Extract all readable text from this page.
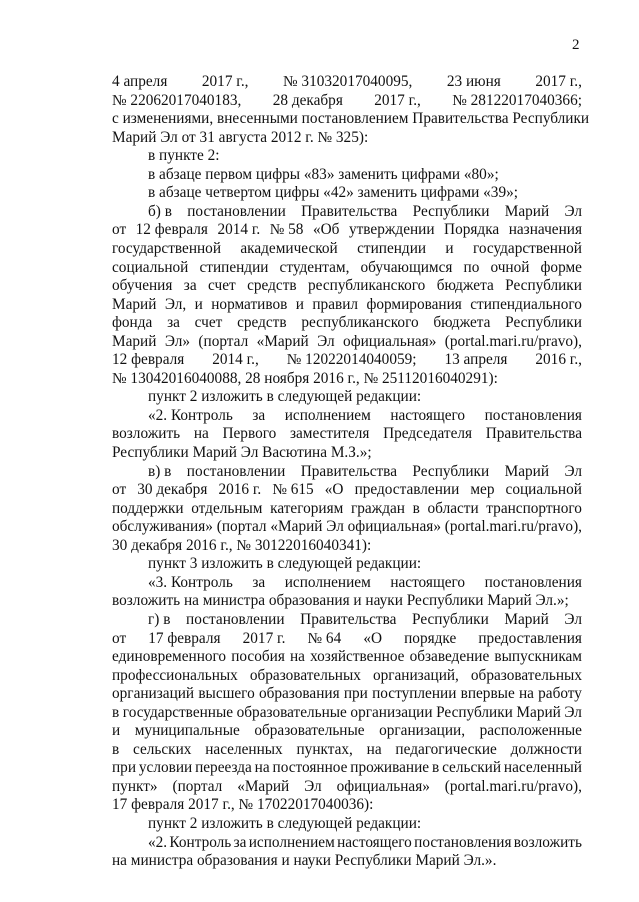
2
4 апреля 2017 г., № 31032017040095, 23 июня 2017 г.,
№ 22062017040183, 28 декабря 2017 г., № 28122017040366;
с изменениями, внесенными постановлением Правительства Республики
Марий Эл от 31 августа 2012 г. № 325):
в пункте 2:
в абзаце первом цифры «83» заменить цифрами «80»;
в абзаце четвертом цифры «42» заменить цифрами «39»;
б) в постановлении Правительства Республики Марий Эл
от 12 февраля 2014 г. № 58 «Об утверждении Порядка назначения
государственной академической стипендии и государственной
социальной стипендии студентам, обучающимся по очной форме
обучения за счет средств республиканского бюджета Республики
Марий Эл, и нормативов и правил формирования стипендиального
фонда за счет средств республиканского бюджета Республики
Марий Эл» (портал «Марий Эл официальная» (portal.mari.ru/pravo),
12 февраля 2014 г., № 12022014040059; 13 апреля 2016 г.,
№ 13042016040088, 28 ноября 2016 г., № 25112016040291):
пункт 2 изложить в следующей редакции:
«2. Контроль за исполнением настоящего постановления
возложить на Первого заместителя Председателя Правительства
Республики Марий Эл Васютина М.З.»;
в) в постановлении Правительства Республики Марий Эл
от 30 декабря 2016 г. № 615 «О предоставлении мер социальной
поддержки отдельным категориям граждан в области транспортного
обслуживания» (портал «Марий Эл официальная» (portal.mari.ru/pravo),
30 декабря 2016 г., № 30122016040341):
пункт 3 изложить в следующей редакции:
«3. Контроль за исполнением настоящего постановления
возложить на министра образования и науки Республики Марий Эл.»;
г) в постановлении Правительства Республики Марий Эл
от 17 февраля 2017 г. № 64 «О порядке предоставления
единовременного пособия на хозяйственное обзаведение выпускникам
профессиональных образовательных организаций, образовательных
организаций высшего образования при поступлении впервые на работу
в государственные образовательные организации Республики Марий Эл
и муниципальные образовательные организации, расположенные
в сельских населенных пунктах, на педагогические должности
при условии переезда на постоянное проживание в сельский населенный
пункт» (портал «Марий Эл официальная» (portal.mari.ru/pravo),
17 февраля 2017 г., № 17022017040036):
пункт 2 изложить в следующей редакции:
«2. Контроль за исполнением настоящего постановления возложить
на министра образования и науки Республики Марий Эл.».
